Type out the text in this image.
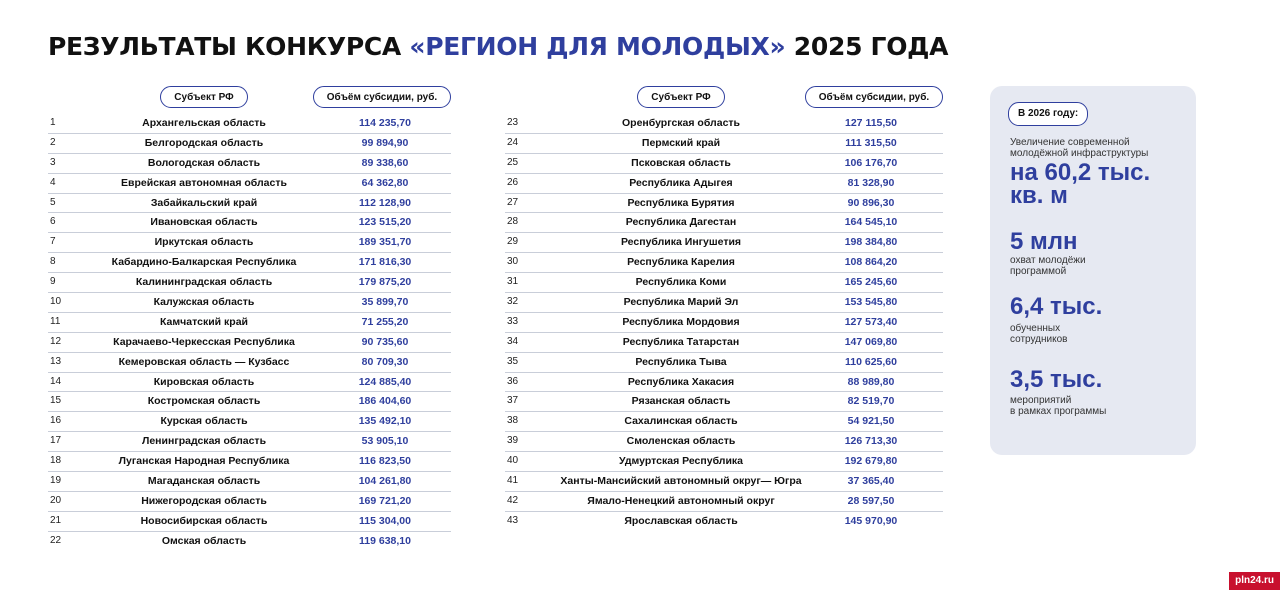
РЕЗУЛЬТАТЫ КОНКУРСА «РЕГИОН ДЛЯ МОЛОДЫХ» 2025 ГОДА
Субъект РФ	Объём субсидии, руб.
1	Архангельская область	114 235,70
2	Белгородская область	99 894,90
3	Вологодская область	89 338,60
4	Еврейская автономная область	64 362,80
5	Забайкальский край	112 128,90
6	Ивановская область	123 515,20
7	Иркутская область	189 351,70
8	Кабардино-Балкарская Республика	171 816,30
9	Калининградская область	179 875,20
10	Калужская область	35 899,70
11	Камчатский край	71 255,20
12	Карачаево-Черкесская Республика	90 735,60
13	Кемеровская область — Кузбасс	80 709,30
14	Кировская область	124 885,40
15	Костромская область	186 404,60
16	Курская область	135 492,10
17	Ленинградская область	53 905,10
18	Луганская Народная Республика	116 823,50
19	Магаданская область	104 261,80
20	Нижегородская область	169 721,20
21	Новосибирская область	115 304,00
22	Омская область	119 638,10
Субъект РФ	Объём субсидии, руб.
23	Оренбургская область	127 115,50
24	Пермский край	111 315,50
25	Псковская область	106 176,70
26	Республика Адыгея	81 328,90
27	Республика Бурятия	90 896,30
28	Республика Дагестан	164 545,10
29	Республика Ингушетия	198 384,80
30	Республика Карелия	108 864,20
31	Республика Коми	165 245,60
32	Республика Марий Эл	153 545,80
33	Республика Мордовия	127 573,40
34	Республика Татарстан	147 069,80
35	Республика Тыва	110 625,60
36	Республика Хакасия	88 989,80
37	Рязанская область	82 519,70
38	Сахалинская область	54 921,50
39	Смоленская область	126 713,30
40	Удмуртская Республика	192 679,80
41	Ханты-Мансийский автономный округ— Югра	37 365,40
42	Ямало-Ненецкий автономный округ	28 597,50
43	Ярославская область	145 970,90
В 2026 году:
Увеличение современной
молодёжной инфраструктуры
на 60,2 тыс.
кв. м
5 млн
охват молодёжи
программой
6,4 тыс.
обученных
сотрудников
3,5 тыс.
мероприятий
в рамках программы
pln24.ru
